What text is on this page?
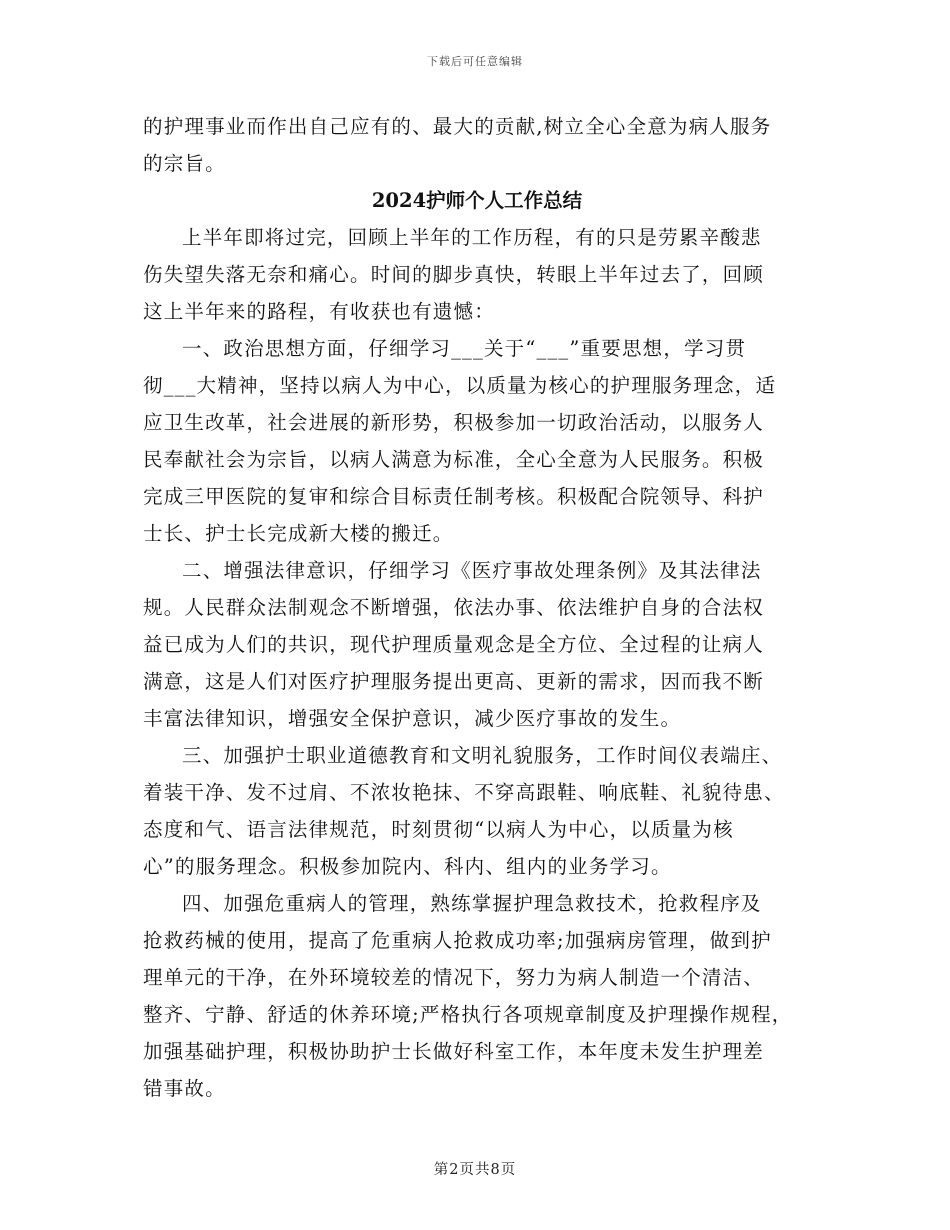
下载后可任意编辑

的护理事业而作出自己应有的、最大的贡献,树立全心全意为病人服务

的宗旨。

2024护师个人工作总结

上半年即将过完，回顾上半年的工作历程，有的只是劳累辛酸悲

伤失望失落无奈和痛心。时间的脚步真快，转眼上半年过去了，回顾

这上半年来的路程，有收获也有遗憾：

一、政治思想方面，仔细学习___关于“___”重要思想，学习贯

彻___大精神，坚持以病人为中心，以质量为核心的护理服务理念，适

应卫生改革，社会进展的新形势，积极参加一切政治活动，以服务人

民奉献社会为宗旨，以病人满意为标准，全心全意为人民服务。积极

完成三甲医院的复审和综合目标责任制考核。积极配合院领导、科护

士长、护士长完成新大楼的搬迁。

二、增强法律意识，仔细学习《医疗事故处理条例》及其法律法

规。人民群众法制观念不断增强，依法办事、依法维护自身的合法权

益已成为人们的共识，现代护理质量观念是全方位、全过程的让病人

满意，这是人们对医疗护理服务提出更高、更新的需求，因而我不断

丰富法律知识，增强安全保护意识，减少医疗事故的发生。

三、加强护士职业道德教育和文明礼貌服务，工作时间仪表端庄、

着装干净、发不过肩、不浓妆艳抹、不穿高跟鞋、响底鞋、礼貌待患、

态度和气、语言法律规范，时刻贯彻“以病人为中心，以质量为核

心”的服务理念。积极参加院内、科内、组内的业务学习。

四、加强危重病人的管理，熟练掌握护理急救技术，抢救程序及

抢救药械的使用，提高了危重病人抢救成功率;加强病房管理，做到护

理单元的干净，在外环境较差的情况下，努力为病人制造一个清洁、

整齐、宁静、舒适的休养环境;严格执行各项规章制度及护理操作规程，

加强基础护理，积极协助护士长做好科室工作，本年度未发生护理差

错事故。

第2页共8页
